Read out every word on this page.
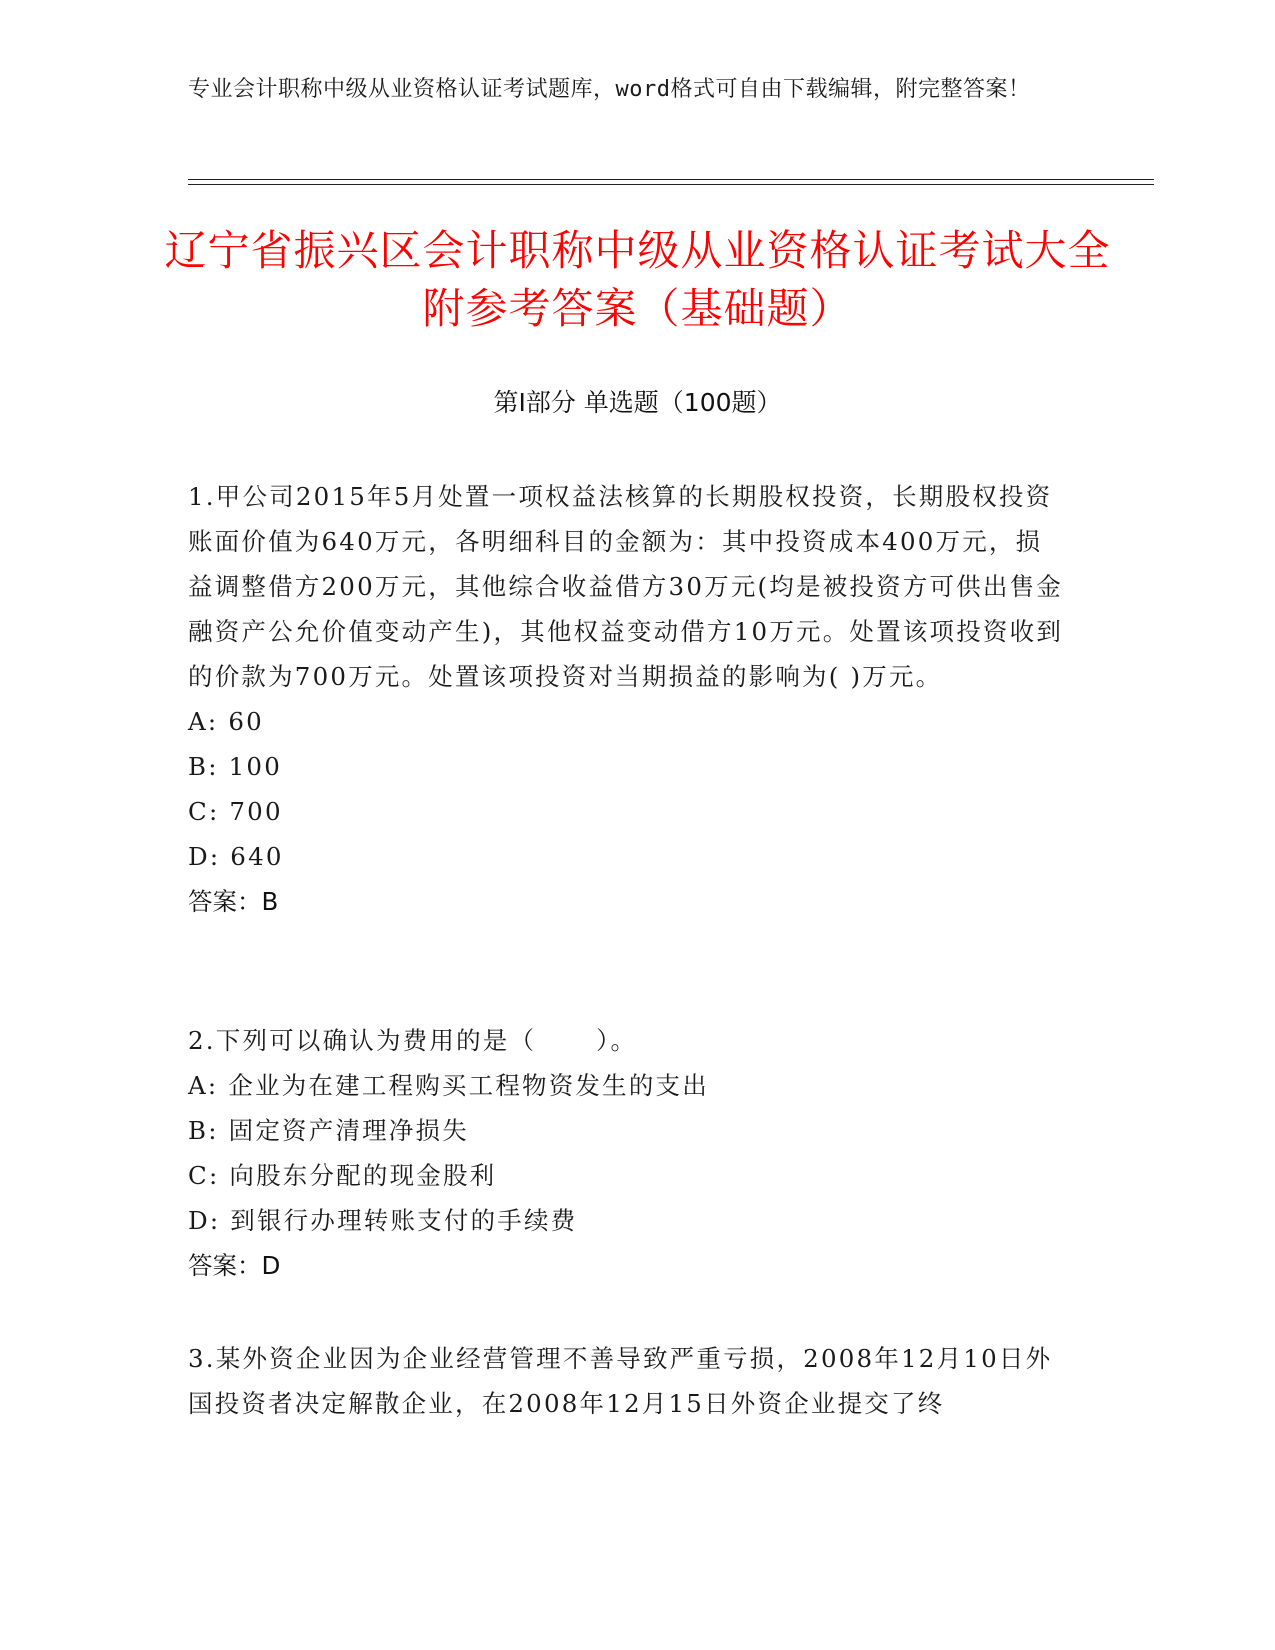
专业会计职称中级从业资格认证考试题库，word格式可自由下载编辑，附完整答案！
辽宁省振兴区会计职称中级从业资格认证考试大全附参考答案（基础题）
第I部分 单选题（100题）

1.甲公司2015年5月处置一项权益法核算的长期股权投资，长期股权投资账面价值为640万元，各明细科目的金额为：其中投资成本400万元，损益调整借方200万元，其他综合收益借方30万元(均是被投资方可供出售金融资产公允价值变动产生)，其他权益变动借方10万元。处置该项投资收到的价款为700万元。处置该项投资对当期损益的影响为( )万元。

A: 60

B: 100

C: 700

D: 640

答案：B

2.下列可以确认为费用的是（      ）。

A: 企业为在建工程购买工程物资发生的支出

B: 固定资产清理净损失

C: 向股东分配的现金股利

D: 到银行办理转账支付的手续费

答案：D

3.某外资企业因为企业经营管理不善导致严重亏损，2008年12月10日外国投资者决定解散企业，在2008年12月15日外资企业提交了终
